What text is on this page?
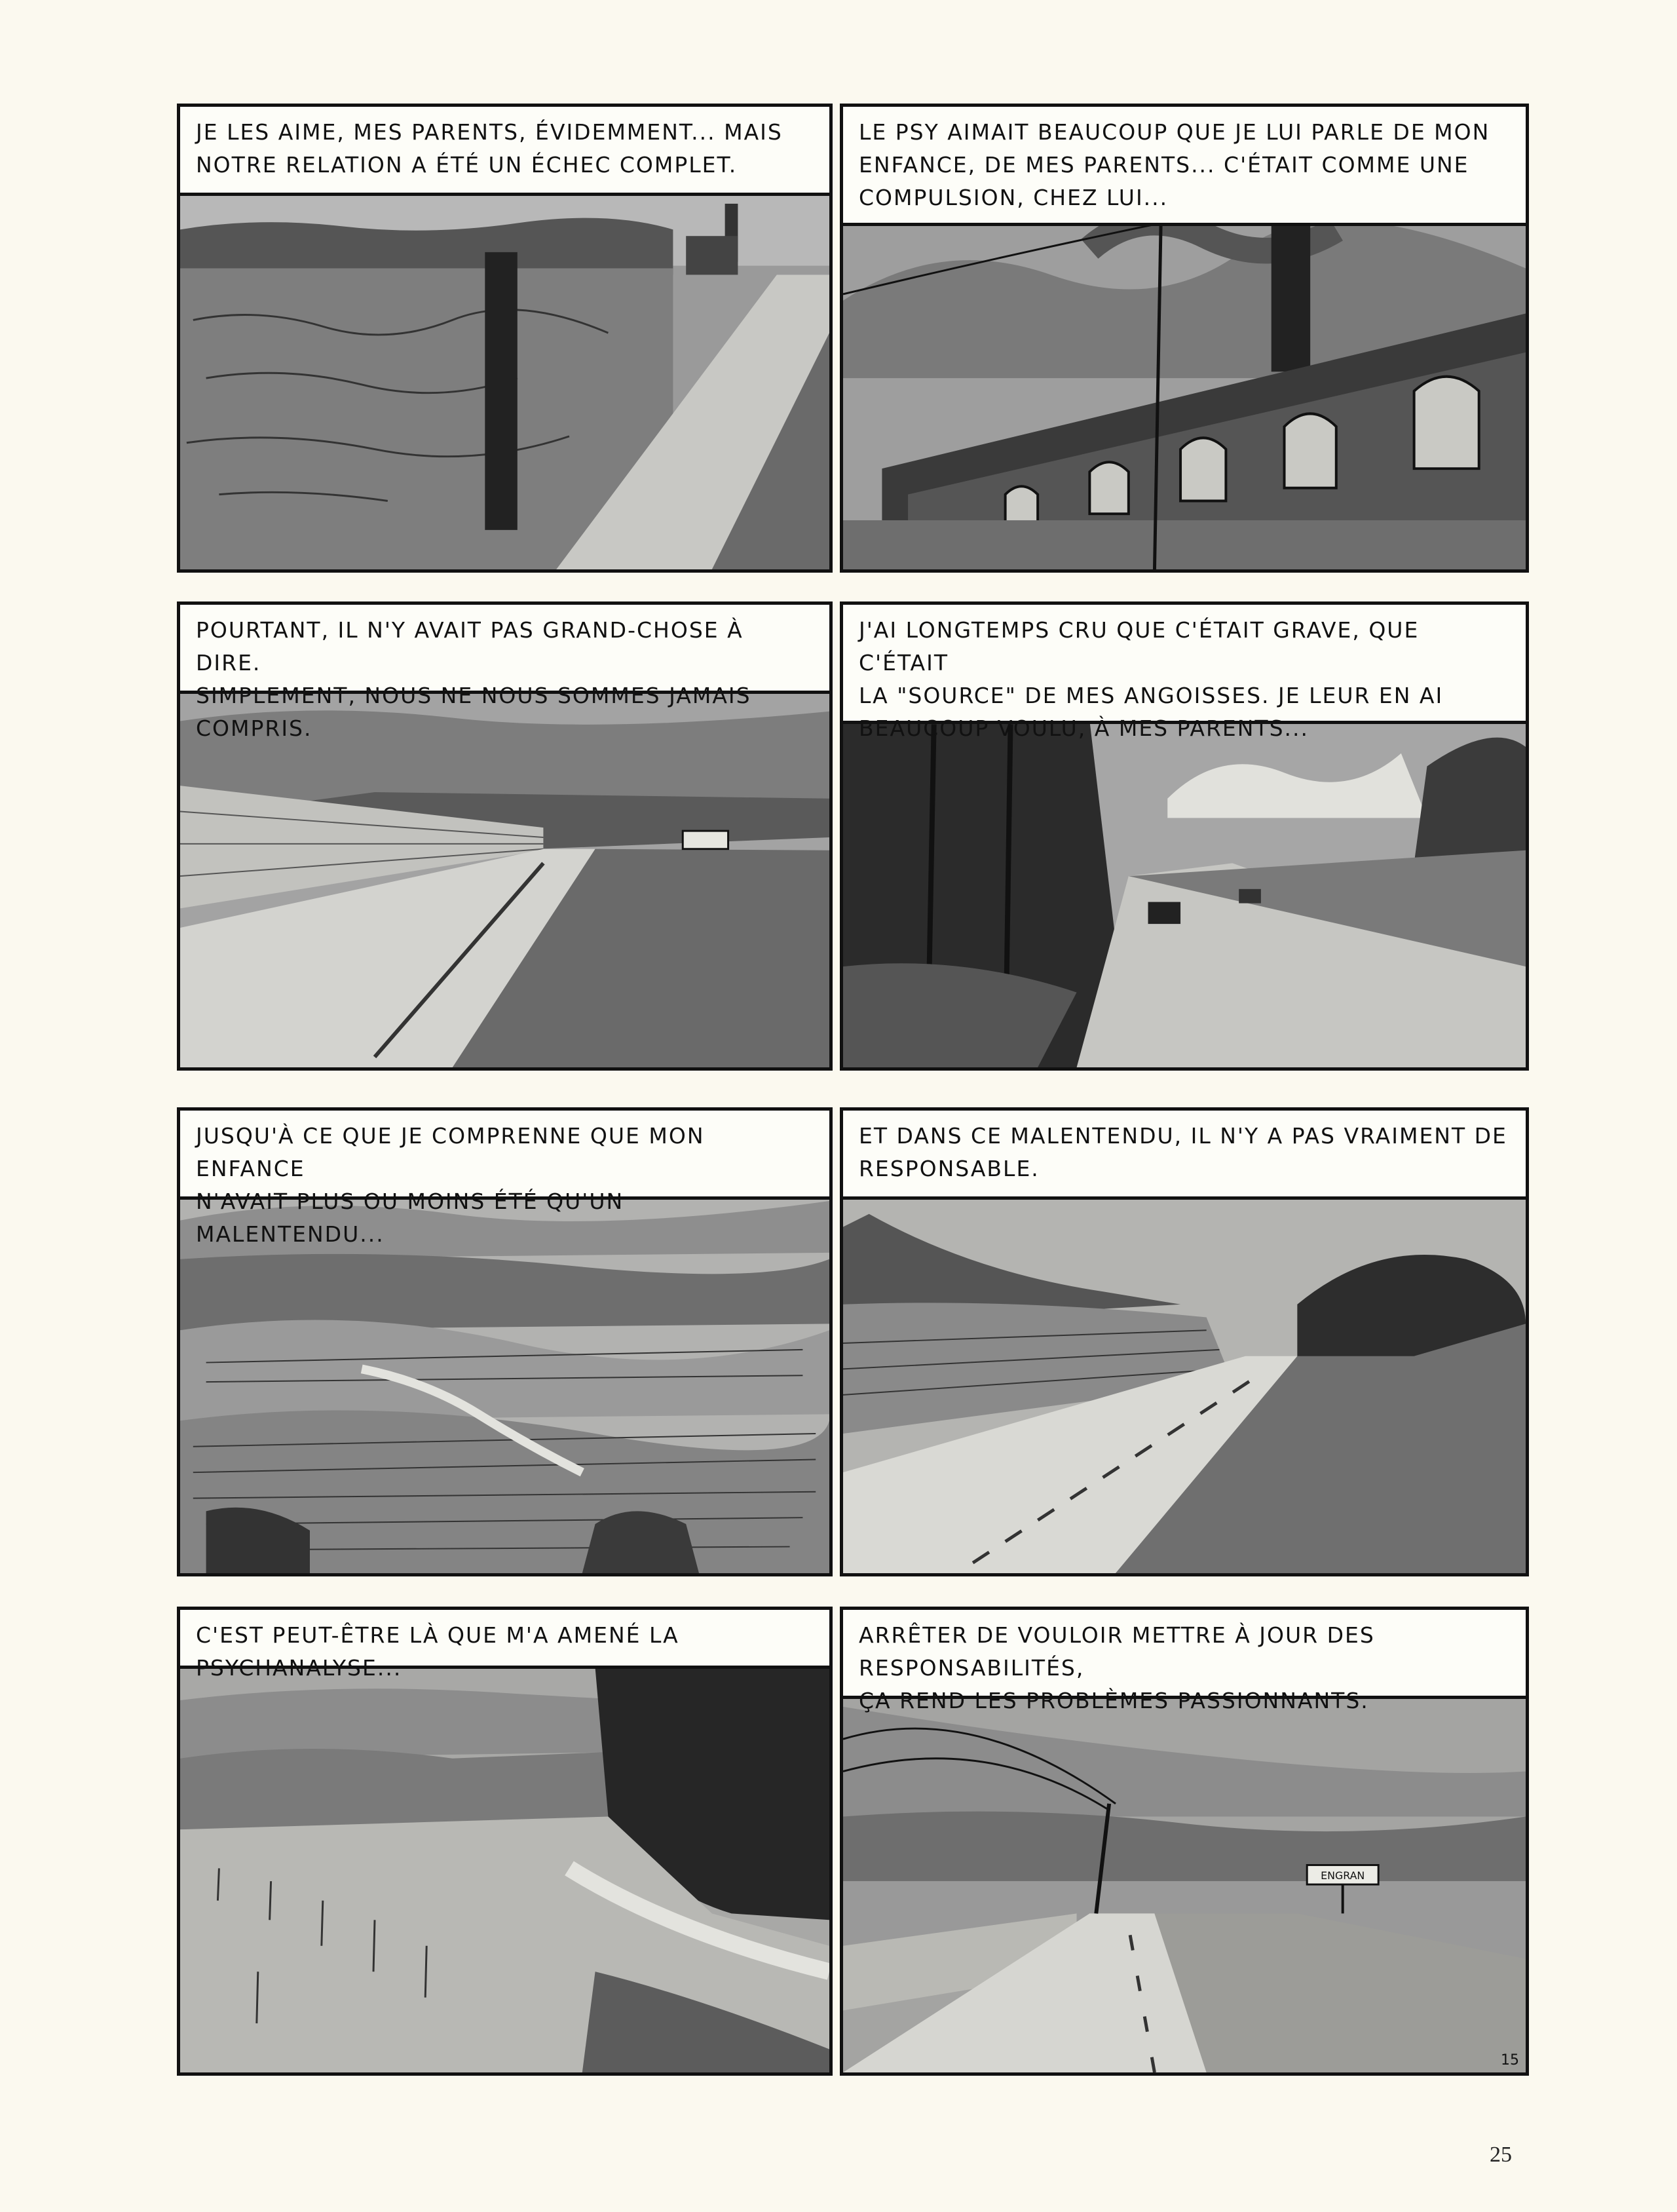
JE LES AIME, MES PARENTS, ÉVIDEMMENT... MAIS
NOTRE RELATION A ÉTÉ UN ÉCHEC COMPLET.
LE PSY AIMAIT BEAUCOUP QUE JE LUI PARLE DE MON
ENFANCE, DE MES PARENTS... C'ÉTAIT COMME UNE
COMPULSION, CHEZ LUI...
POURTANT, IL N'Y AVAIT PAS GRAND-CHOSE À DIRE.
SIMPLEMENT, NOUS NE NOUS SOMMES JAMAIS COMPRIS.
J'AI LONGTEMPS CRU QUE C'ÉTAIT GRAVE, QUE C'ÉTAIT
LA "SOURCE" DE MES ANGOISSES. JE LEUR EN AI
BEAUCOUP VOULU, À MES PARENTS...
JUSQU'À CE QUE JE COMPRENNE QUE MON ENFANCE
N'AVAIT PLUS OU MOINS ÉTÉ QU'UN MALENTENDU...
ET DANS CE MALENTENDU, IL N'Y A PAS VRAIMENT DE
RESPONSABLE.
C'EST PEUT-ÊTRE LÀ QUE M'A AMENÉ LA PSYCHANALYSE...
ARRÊTER DE VOULOIR METTRE À JOUR DES RESPONSABILITÉS,
ÇA REND LES PROBLÈMES PASSIONNANTS.
ENGRAN
15
25
